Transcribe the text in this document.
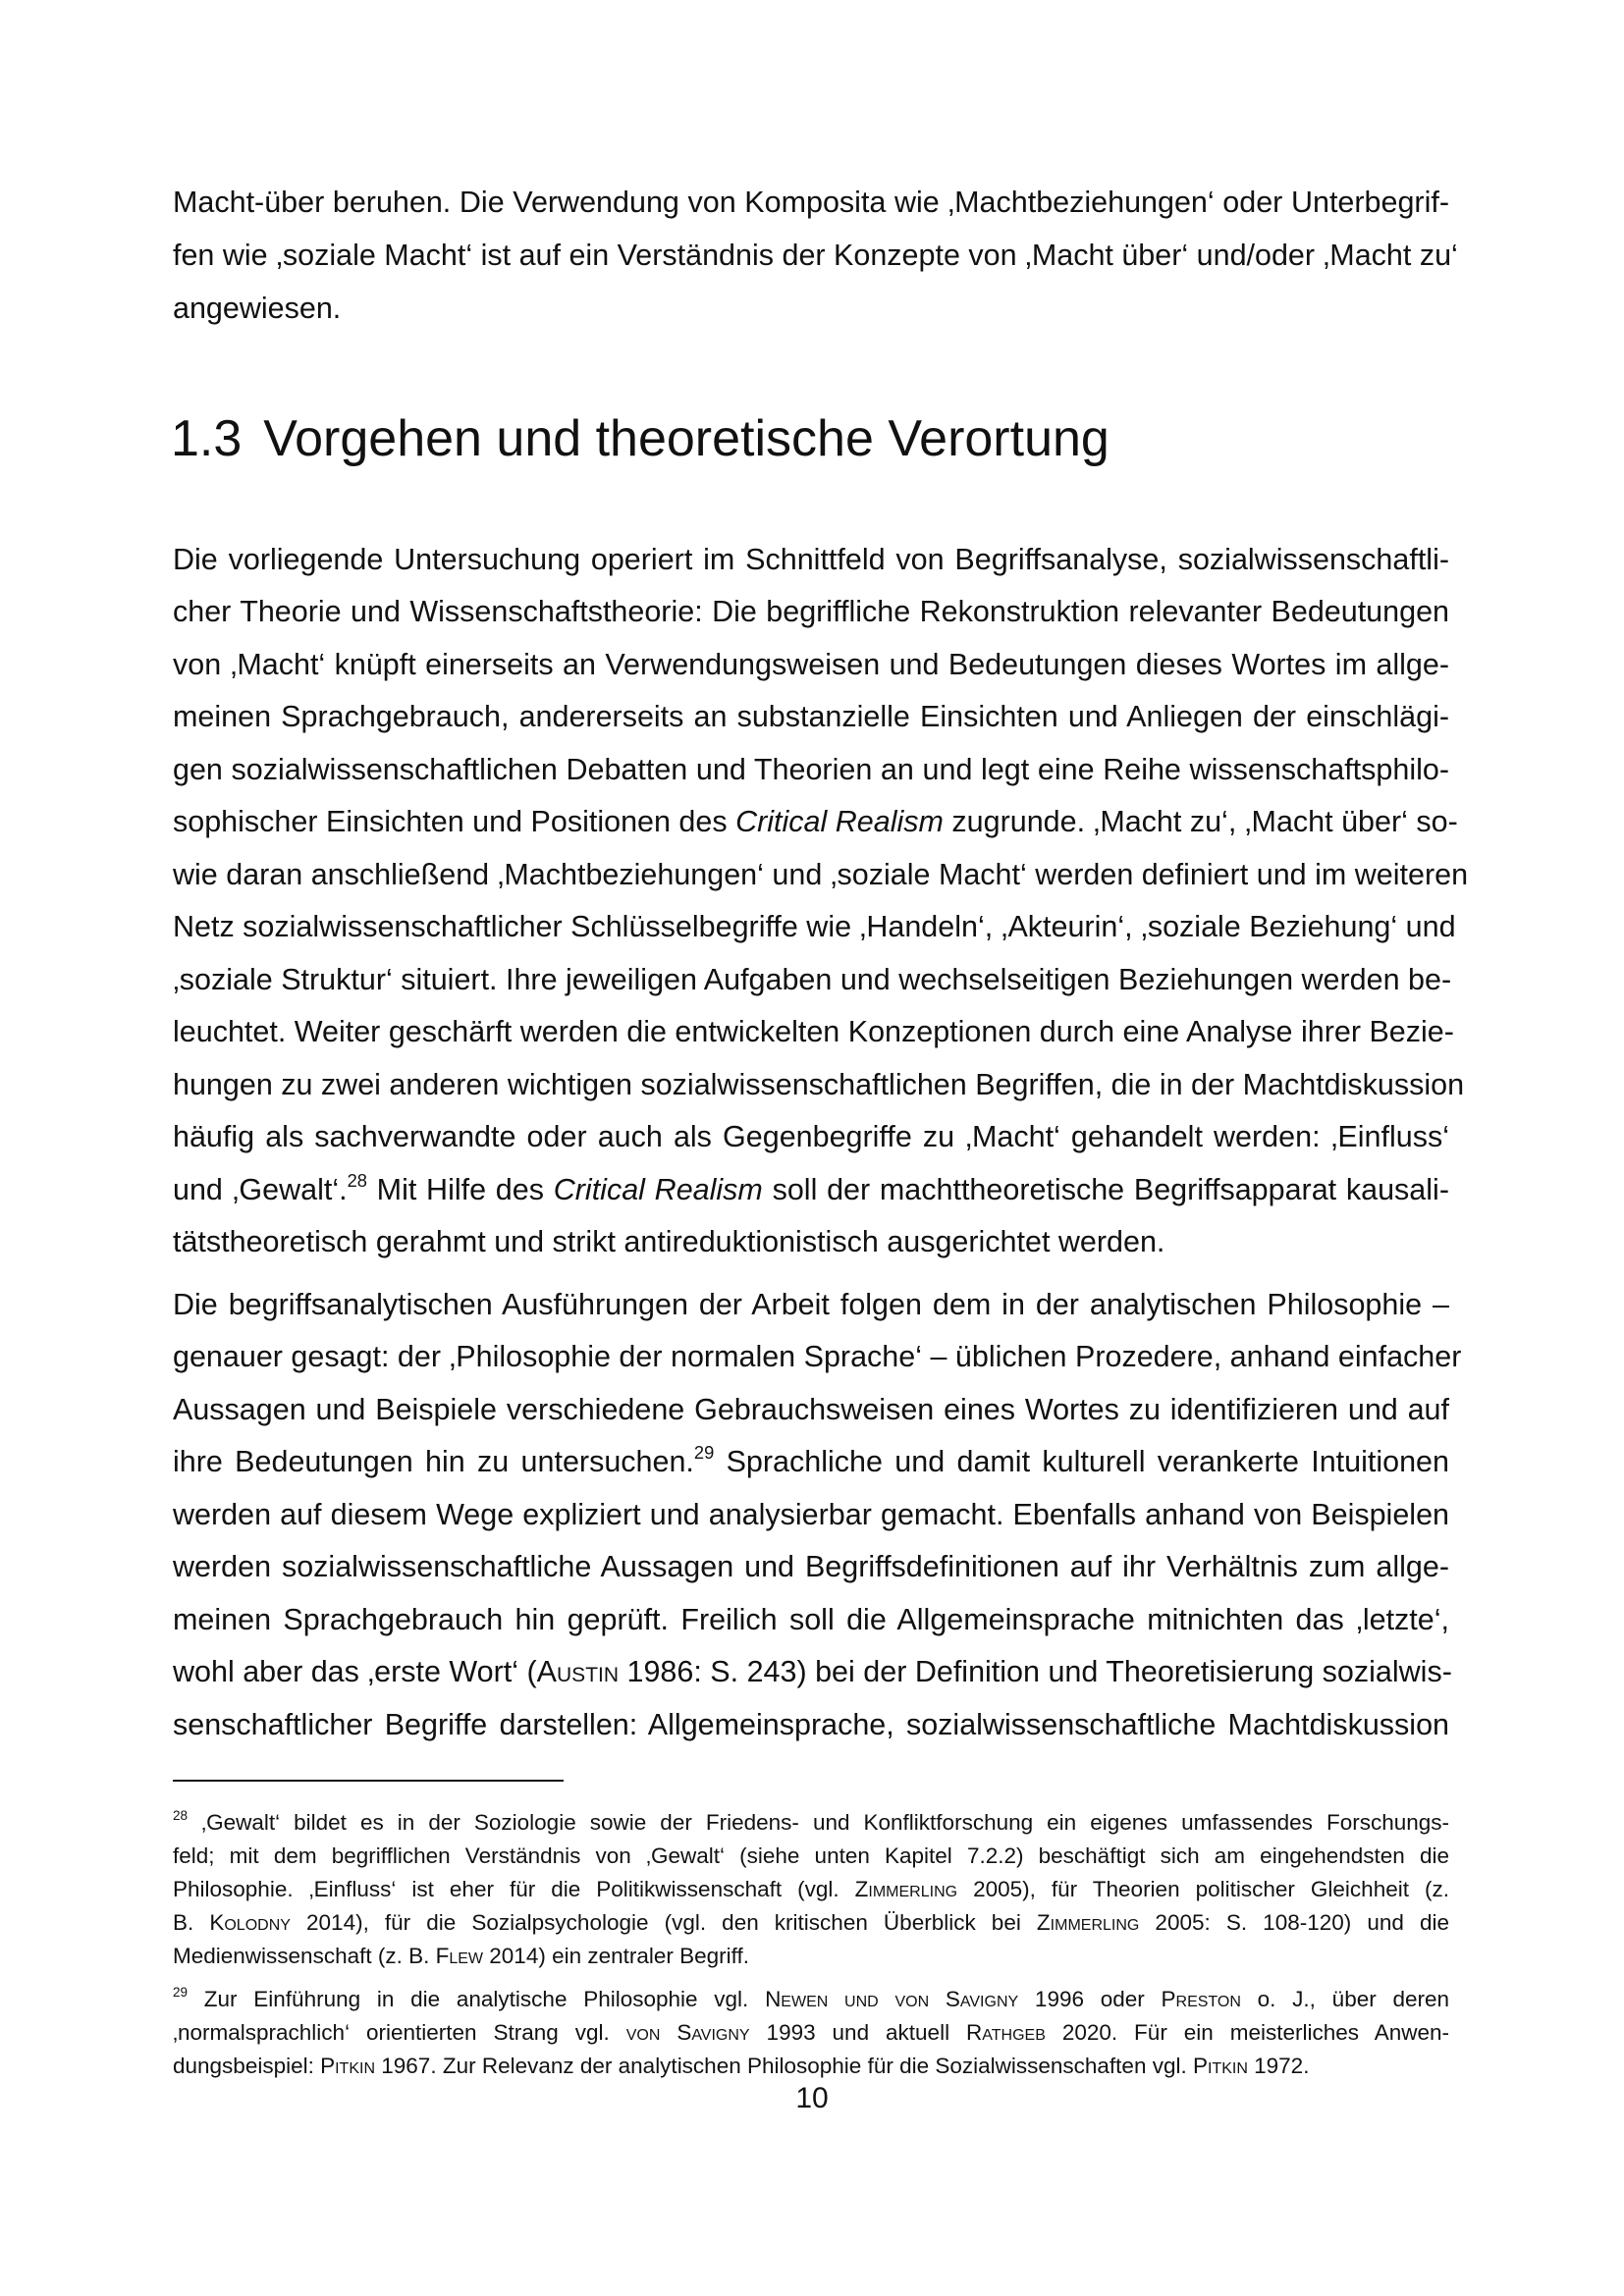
Macht-über beruhen. Die Verwendung von Komposita wie ‚Machtbeziehungen‘ oder Unterbegrif-
fen wie ‚soziale Macht‘ ist auf ein Verständnis der Konzepte von ‚Macht über‘ und/oder ‚Macht zu‘
angewiesen.
1.3 Vorgehen und theoretische Verortung
Die vorliegende Untersuchung operiert im Schnittfeld von Begriffsanalyse, sozialwissenschaftli-
cher Theorie und Wissenschaftstheorie: Die begriffliche Rekonstruktion relevanter Bedeutungen
von ‚Macht‘ knüpft einerseits an Verwendungsweisen und Bedeutungen dieses Wortes im allge-
meinen Sprachgebrauch, andererseits an substanzielle Einsichten und Anliegen der einschlägi-
gen sozialwissenschaftlichen Debatten und Theorien an und legt eine Reihe wissenschaftsphilo-
sophischer Einsichten und Positionen des Critical Realism zugrunde. ‚Macht zu‘, ‚Macht über‘ so-
wie daran anschließend ‚Machtbeziehungen‘ und ‚soziale Macht‘ werden definiert und im weiteren
Netz sozialwissenschaftlicher Schlüsselbegriffe wie ‚Handeln‘, ‚Akteurin‘, ‚soziale Beziehung‘ und
‚soziale Struktur‘ situiert. Ihre jeweiligen Aufgaben und wechselseitigen Beziehungen werden be-
leuchtet. Weiter geschärft werden die entwickelten Konzeptionen durch eine Analyse ihrer Bezie-
hungen zu zwei anderen wichtigen sozialwissenschaftlichen Begriffen, die in der Machtdiskussion
häufig als sachverwandte oder auch als Gegenbegriffe zu ‚Macht‘ gehandelt werden: ‚Einfluss‘
und ‚Gewalt‘.$^{28}$ Mit Hilfe des Critical Realism soll der machttheoretische Begriffsapparat kausali-
tätstheoretisch gerahmt und strikt antireduktionistisch ausgerichtet werden.
Die begriffsanalytischen Ausführungen der Arbeit folgen dem in der analytischen Philosophie –
genauer gesagt: der ‚Philosophie der normalen Sprache‘ – üblichen Prozedere, anhand einfacher
Aussagen und Beispiele verschiedene Gebrauchsweisen eines Wortes zu identifizieren und auf
ihre Bedeutungen hin zu untersuchen.$^{29}$ Sprachliche und damit kulturell verankerte Intuitionen
werden auf diesem Wege expliziert und analysierbar gemacht. Ebenfalls anhand von Beispielen
werden sozialwissenschaftliche Aussagen und Begriffsdefinitionen auf ihr Verhältnis zum allge-
meinen Sprachgebrauch hin geprüft. Freilich soll die Allgemeinsprache mitnichten das ‚letzte‘,
wohl aber das ‚erste Wort‘ (Austin 1986: S. 243) bei der Definition und Theoretisierung sozialwis-
senschaftlicher Begriffe darstellen: Allgemeinsprache, sozialwissenschaftliche Machtdiskussion
$^{28}$ ‚Gewalt‘ bildet es in der Soziologie sowie der Friedens- und Konfliktforschung ein eigenes umfassendes Forschungs-
feld; mit dem begrifflichen Verständnis von ‚Gewalt‘ (siehe unten Kapitel 7.2.2) beschäftigt sich am eingehendsten die
Philosophie. ‚Einfluss‘ ist eher für die Politikwissenschaft (vgl. Zimmerling 2005), für Theorien politischer Gleichheit (z.
B. Kolodny 2014), für die Sozialpsychologie (vgl. den kritischen Überblick bei Zimmerling 2005: S. 108-120) und die
Medienwissenschaft (z. B. Flew 2014) ein zentraler Begriff.
$^{29}$ Zur Einführung in die analytische Philosophie vgl. Newen und von Savigny 1996 oder Preston o. J., über deren
‚normalsprachlich‘ orientierten Strang vgl. von Savigny 1993 und aktuell Rathgeb 2020. Für ein meisterliches Anwen-
dungsbeispiel: Pitkin 1967. Zur Relevanz der analytischen Philosophie für die Sozialwissenschaften vgl. Pitkin 1972.
10
